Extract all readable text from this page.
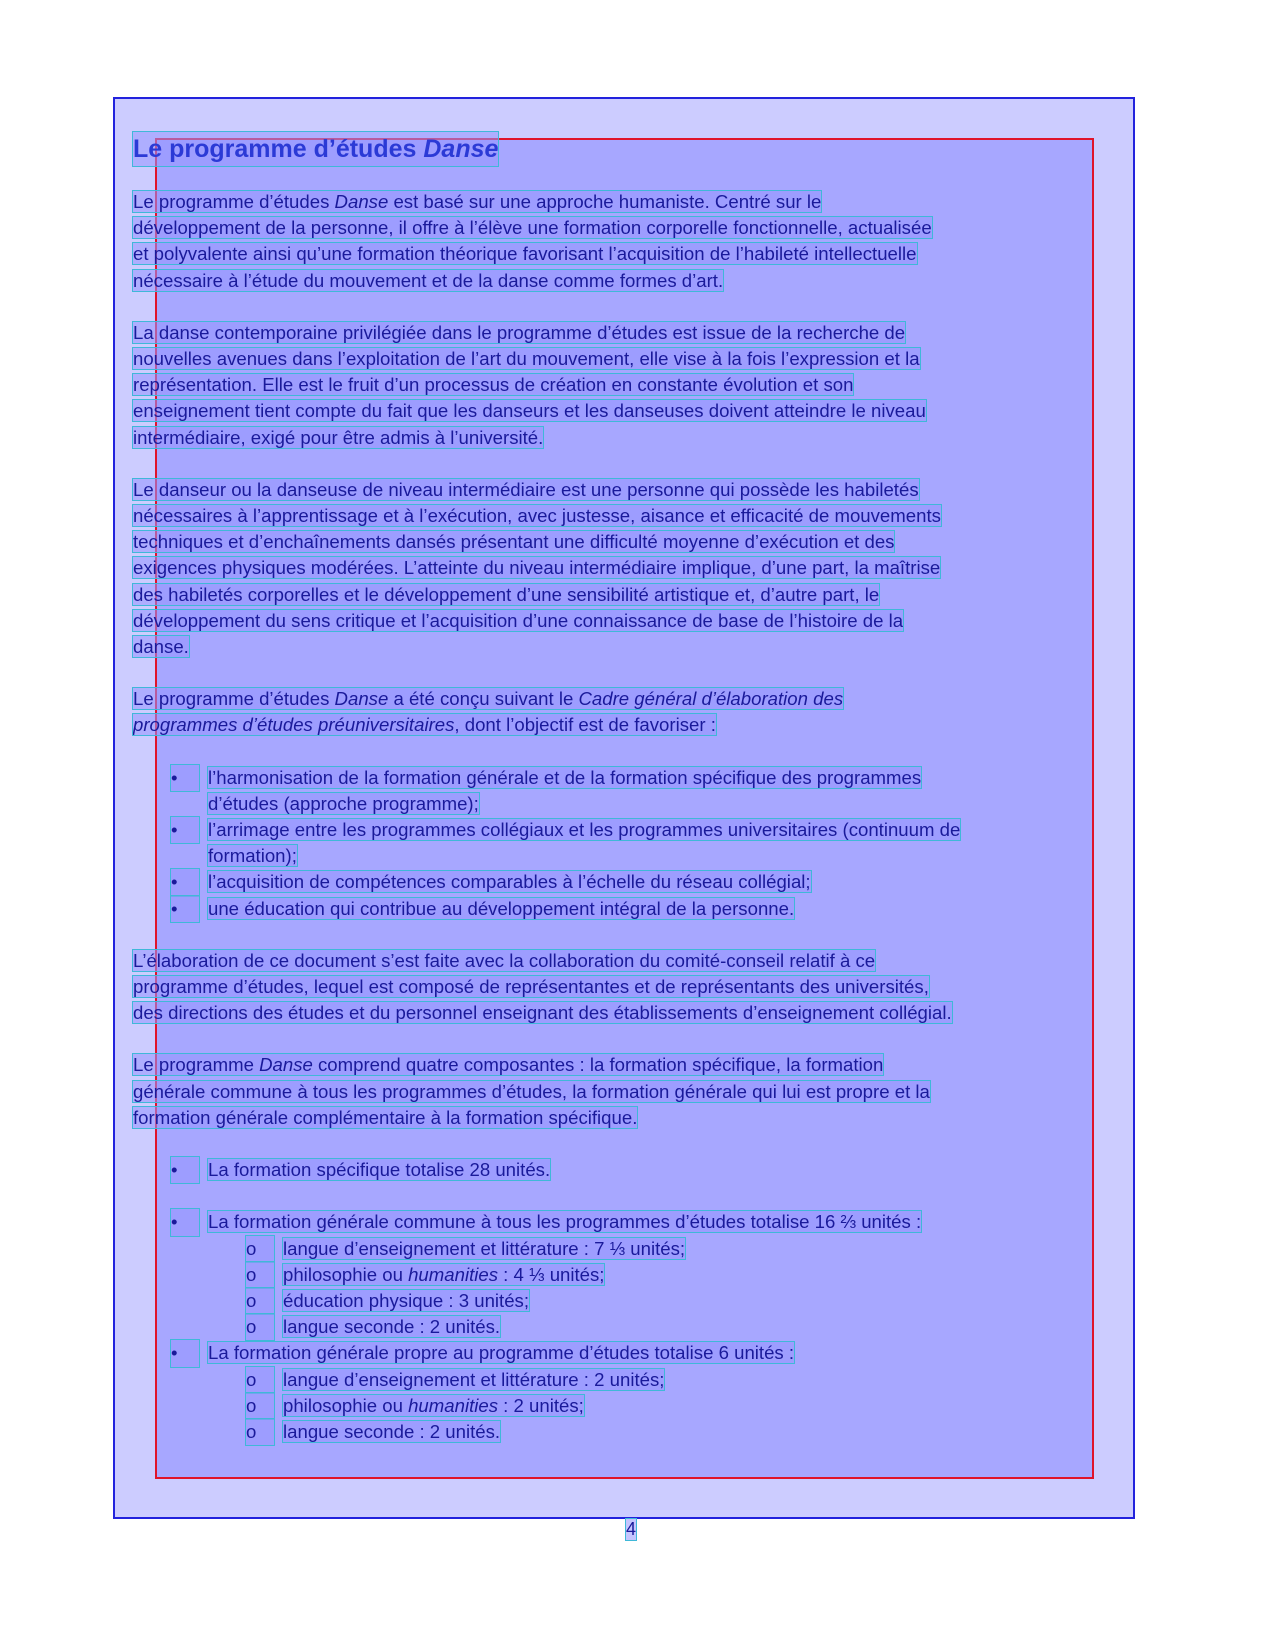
Le programme d’études Danse
Le programme d’études Danse est basé sur une approche humaniste. Centré sur le
développement de la personne, il offre à l’élève une formation corporelle fonctionnelle, actualisée
et polyvalente ainsi qu’une formation théorique favorisant l’acquisition de l’habileté intellectuelle
nécessaire à l’étude du mouvement et de la danse comme formes d’art.
La danse contemporaine privilégiée dans le programme d’études est issue de la recherche de
nouvelles avenues dans l’exploitation de l’art du mouvement, elle vise à la fois l’expression et la
représentation. Elle est le fruit d’un processus de création en constante évolution et son
enseignement tient compte du fait que les danseurs et les danseuses doivent atteindre le niveau
intermédiaire, exigé pour être admis à l’université.
Le danseur ou la danseuse de niveau intermédiaire est une personne qui possède les habiletés
nécessaires à l’apprentissage et à l’exécution, avec justesse, aisance et efficacité de mouvements
techniques et d’enchaînements dansés présentant une difficulté moyenne d’exécution et des
exigences physiques modérées. L’atteinte du niveau intermédiaire implique, d’une part, la maîtrise
des habiletés corporelles et le développement d’une sensibilité artistique et, d’autre part, le
développement du sens critique et l’acquisition d’une connaissance de base de l’histoire de la
danse.
Le programme d’études Danse a été conçu suivant le Cadre général d’élaboration des
programmes d’études préuniversitaires, dont l’objectif est de favoriser :
•	l’harmonisation de la formation générale et de la formation spécifique des programmes
d’études (approche programme);
•	l’arrimage entre les programmes collégiaux et les programmes universitaires (continuum de
formation);
•	l’acquisition de compétences comparables à l’échelle du réseau collégial;
•	une éducation qui contribue au développement intégral de la personne.
L’élaboration de ce document s’est faite avec la collaboration du comité-conseil relatif à ce
programme d’études, lequel est composé de représentantes et de représentants des universités,
des directions des études et du personnel enseignant des établissements d’enseignement collégial.
Le programme Danse comprend quatre composantes : la formation spécifique, la formation
générale commune à tous les programmes d’études, la formation générale qui lui est propre et la
formation générale complémentaire à la formation spécifique.
•	La formation spécifique totalise 28 unités.
•	La formation générale commune à tous les programmes d’études totalise 16 ⅔ unités :
o	langue d’enseignement et littérature : 7 ⅓ unités;
o	philosophie ou humanities : 4 ⅓ unités;
o	éducation physique : 3 unités;
o	langue seconde : 2 unités.
•	La formation générale propre au programme d’études totalise 6 unités :
o	langue d’enseignement et littérature : 2 unités;
o	philosophie ou humanities : 2 unités;
o	langue seconde : 2 unités.
4
